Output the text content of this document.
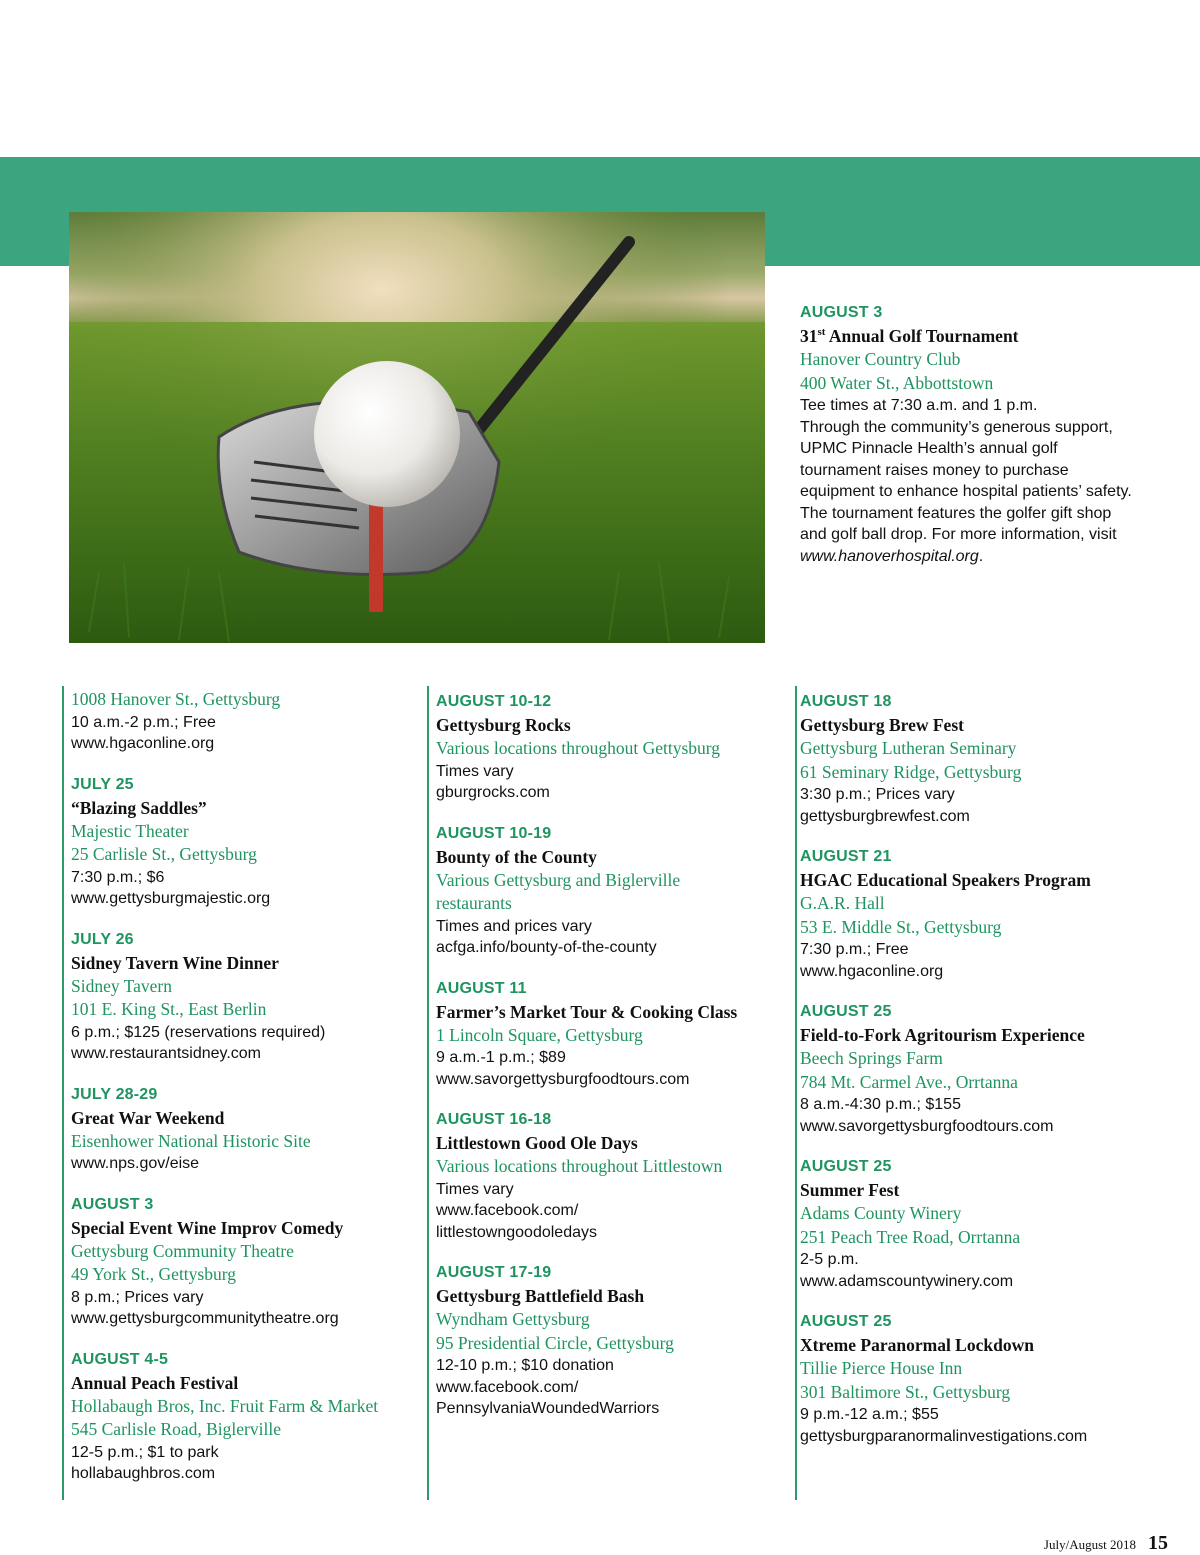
AUGUST 3
31st Annual Golf Tournament
Hanover Country Club
400 Water St., Abbottstown
Tee times at 7:30 a.m. and 1 p.m.
Through the community’s generous support, UPMC Pinnacle Health’s annual golf tournament raises money to purchase equipment to enhance hospital patients’ safety. The tournament features the golfer gift shop and golf ball drop. For more information, visit www.hanoverhospital.org.
1008 Hanover St., Gettysburg
10 a.m.-2 p.m.; Free
www.hgaconline.org
JULY 25
“Blazing Saddles”
Majestic Theater
25 Carlisle St., Gettysburg
7:30 p.m.; $6
www.gettysburgmajestic.org
JULY 26
Sidney Tavern Wine Dinner
Sidney Tavern
101 E. King St., East Berlin
6 p.m.; $125 (reservations required)
www.restaurantsidney.com
JULY 28-29
Great War Weekend
Eisenhower National Historic Site
www.nps.gov/eise
AUGUST 3
Special Event Wine Improv Comedy
Gettysburg Community Theatre
49 York St., Gettysburg
8 p.m.; Prices vary
www.gettysburgcommunitytheatre.org
AUGUST 4-5
Annual Peach Festival
Hollabaugh Bros, Inc. Fruit Farm & Market
545 Carlisle Road, Biglerville
12-5 p.m.; $1 to park
hollabaughbros.com
AUGUST 10-12
Gettysburg Rocks
Various locations throughout Gettysburg
Times vary
gburgrocks.com
AUGUST 10-19
Bounty of the County
Various Gettysburg and Biglerville restaurants
Times and prices vary
acfga.info/bounty-of-the-county
AUGUST 11
Farmer’s Market Tour & Cooking Class
1 Lincoln Square, Gettysburg
9 a.m.-1 p.m.; $89
www.savorgettysburgfoodtours.com
AUGUST 16-18
Littlestown Good Ole Days
Various locations throughout Littlestown
Times vary
www.facebook.com/
littlestowngoodoledays
AUGUST 17-19
Gettysburg Battlefield Bash
Wyndham Gettysburg
95 Presidential Circle, Gettysburg
12-10 p.m.; $10 donation
www.facebook.com/
PennsylvaniaWoundedWarriors
AUGUST 18
Gettysburg Brew Fest
Gettysburg Lutheran Seminary
61 Seminary Ridge, Gettysburg
3:30 p.m.; Prices vary
gettysburgbrewfest.com
AUGUST 21
HGAC Educational Speakers Program
G.A.R. Hall
53 E. Middle St., Gettysburg
7:30 p.m.; Free
www.hgaconline.org
AUGUST 25
Field-to-Fork Agritourism Experience
Beech Springs Farm
784 Mt. Carmel Ave., Orrtanna
8 a.m.-4:30 p.m.; $155
www.savorgettysburgfoodtours.com
AUGUST 25
Summer Fest
Adams County Winery
251 Peach Tree Road, Orrtanna
2-5 p.m.
www.adamscountywinery.com
AUGUST 25
Xtreme Paranormal Lockdown
Tillie Pierce House Inn
301 Baltimore St., Gettysburg
9 p.m.-12 a.m.; $55
gettysburgparanormalinvestigations.com
July/August 2018 15
